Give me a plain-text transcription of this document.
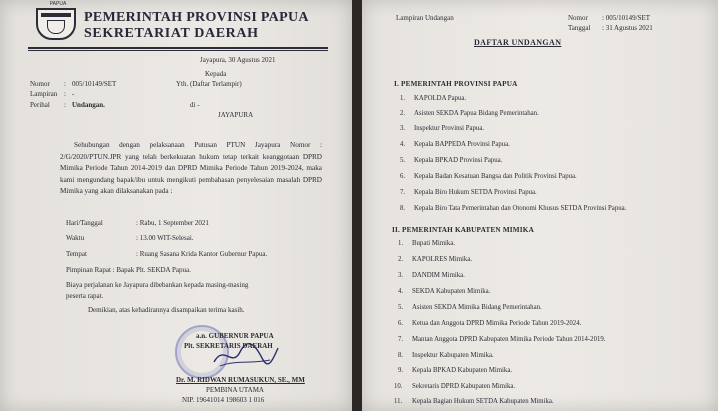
PAPUA
PEMERINTAH PROVINSI PAPUA
SEKRETARIAT DAERAH
Jayapura, 30 Agustus 2021
Kepada
Yth. (Daftar Terlampir)
Nomor : 005/10149/SET
Lampiran : -
Perihal : Undangan.	di -
JAYAPURA
Sehubungan dengan pelaksanaan Putusan PTUN Jayapura Nomor : 2/G/2020/PTUN.JPR yang telah berkekuatan hukum tetap terkait keanggotaan DPRD Mimika Periode Tahun 2014-2019 dan DPRD Mimika Periode Tahun 2019-2024, maka kami mengundang bapak/ibu untuk mengikuti pembahasan penyelesaian masalah DPRD Mimika yang akan dilaksanakan pada :
Hari/Tanggal	: Rabu, 1 September 2021
Waktu	: 13.00 WIT-Selesai.
Tempat	: Ruang Sasana Krida Kantor Gubernur Papua.
Pimpinan Rapat : Bapak Plt. SEKDA Papua.
Biaya perjalanan ke Jayapura dibebankan kepada masing-masing
peserta rapat.
Demikian, atas kehadirannya disampaikan terima kasih.
a.n. GUBERNUR PAPUA
Plt. SEKRETARIS DAERAH
Dr. M. RIDWAN RUMASUKUN, SE., MM
PEMBINA UTAMA
NIP. 19641014 198603 1 016
Lampiran Undangan	Nomor : 005/10149/SET
Tanggal : 31 Agustus 2021
DAFTAR UNDANGAN
I. PEMERINTAH PROVINSI PAPUA
1. KAPOLDA Papua.
2. Asisten SEKDA Papua Bidang Pemerintahan.
3. Inspektur Provinsi Papua.
4. Kepala BAPPEDA Provinsi Papua.
5. Kepala BPKAD Provinsi Papua.
6. Kepala Badan Kesatuan Bangsa dan Politik Provinsi Papua.
7. Kepala Biro Hukum SETDA Provinsi Papua.
8. Kepala Biro Tata Pemerintahan dan Otonomi Khusus SETDA Provinsi Papua.
II. PEMERINTAH KABUPATEN MIMIKA
1. Bupati Mimika.
2. KAPOLRES Mimika.
3. DANDIM Mimika.
4. SEKDA Kabupaten Mimika.
5. Asisten SEKDA Mimika Bidang Pemerintahan.
6. Ketua dan Anggota DPRD Mimika Periode Tahun 2019-2024.
7. Mantan Anggota DPRD Kabupaten Mimika Periode Tahun 2014-2019.
8. Inspektur Kabupaten Mimika.
9. Kepala BPKAD Kabupaten Mimika.
10. Sekretaris DPRD Kabupaten Mimika.
11. Kepala Bagian Hukum SETDA Kabupaten Mimika.
